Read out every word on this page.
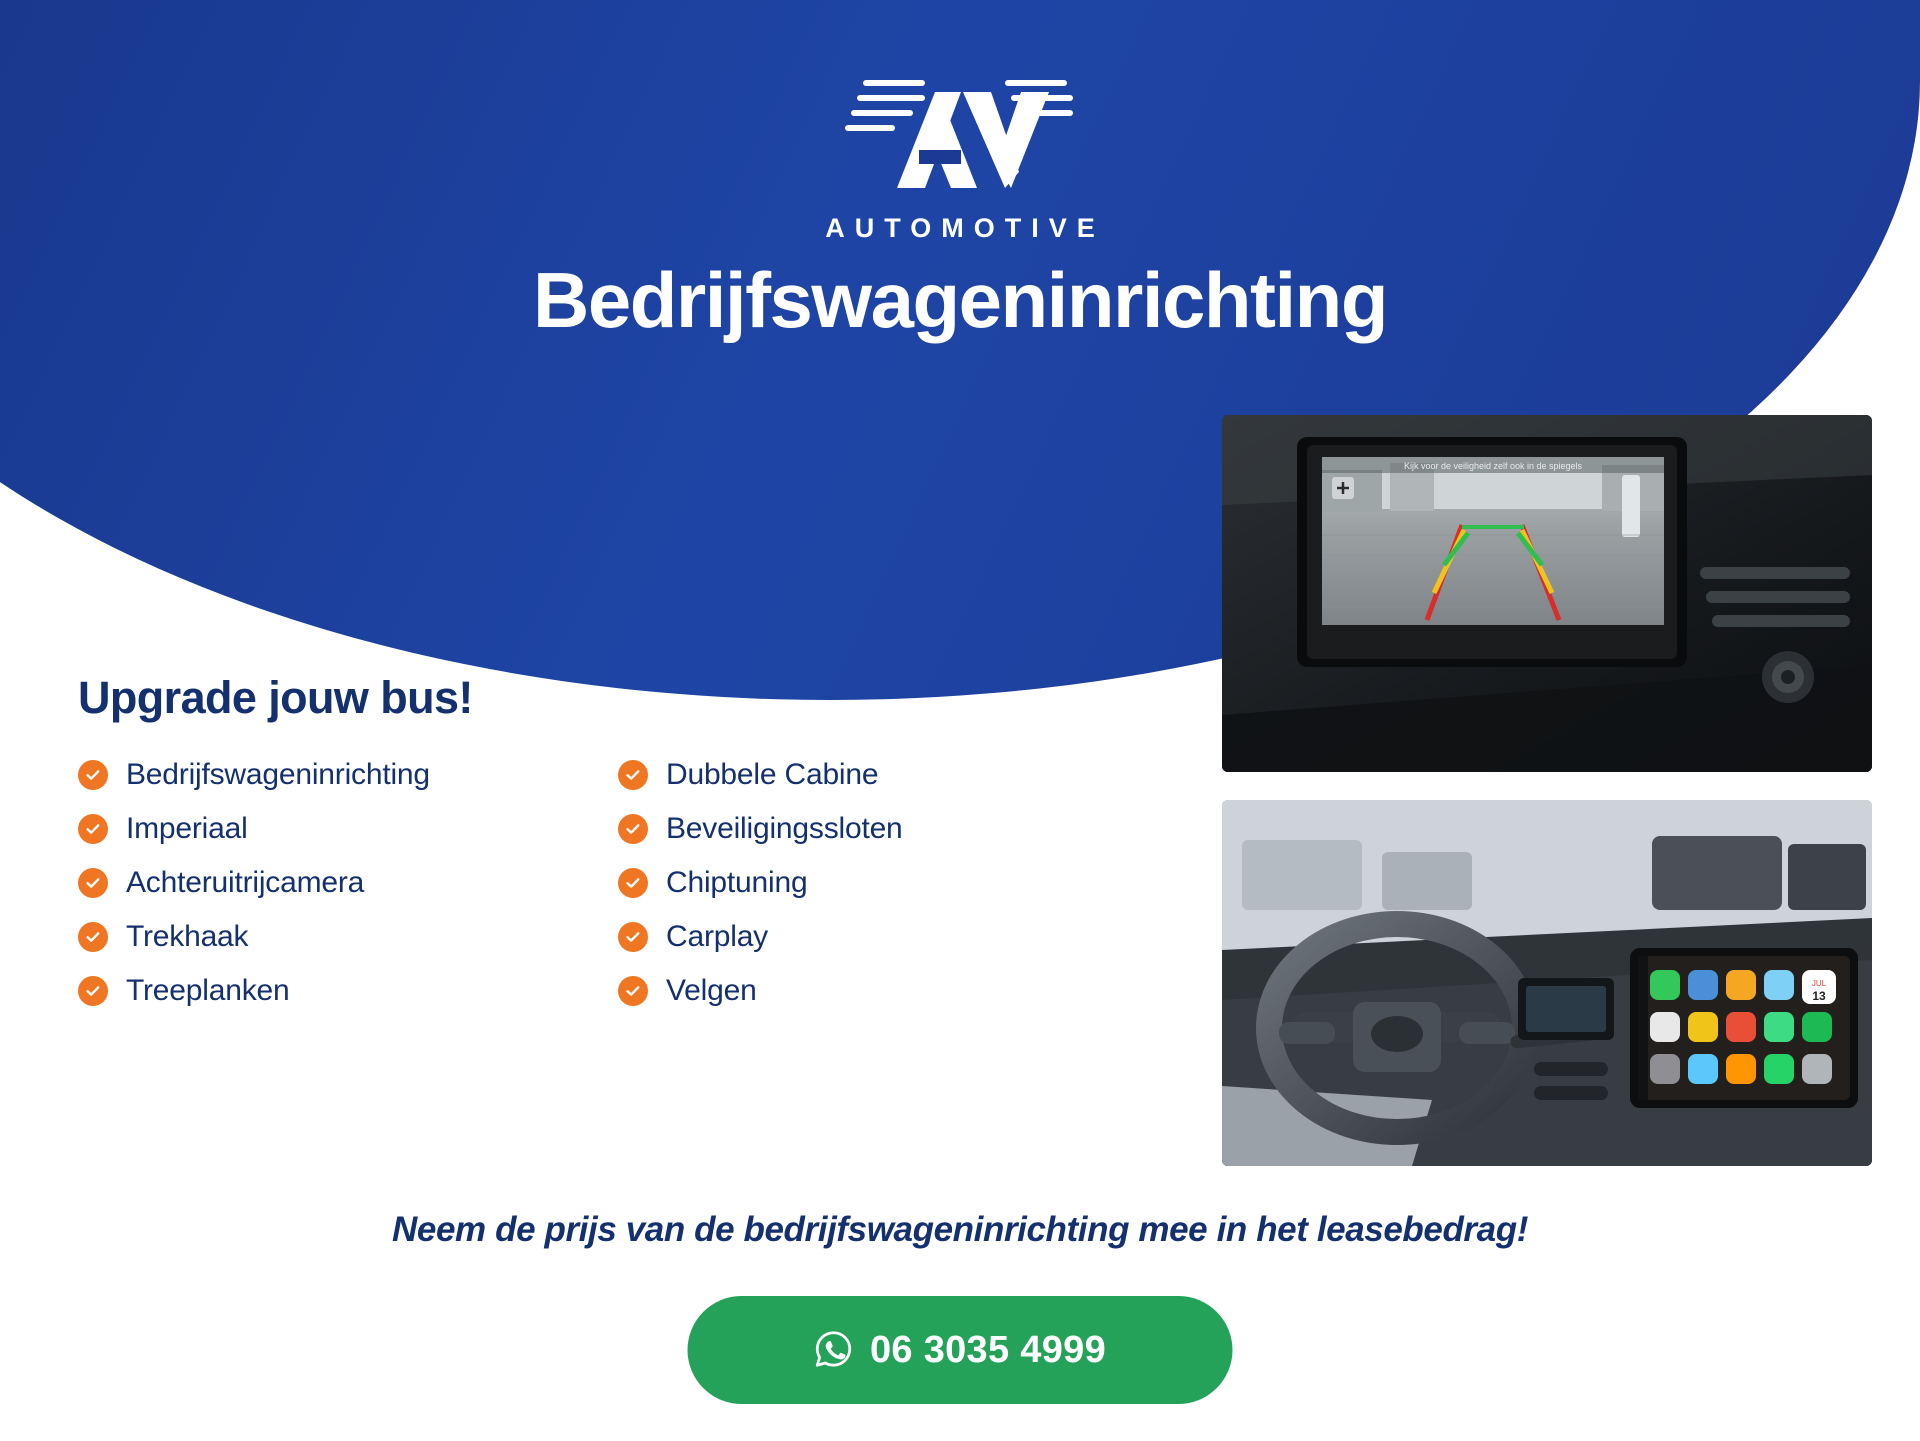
AUTOMOTIVE
Bedrijfswageninrichting
Upgrade jouw bus!
Bedrijfswageninrichting
Imperiaal
Achteruitrijcamera
Trekhaak
Treeplanken
Dubbele Cabine
Beveiligingssloten
Chiptuning
Carplay
Velgen
Kijk voor de veiligheid zelf ook in de spiegels
JUL
13
Neem de prijs van de bedrijfswageninrichting mee in het leasebedrag!
06 3035 4999
